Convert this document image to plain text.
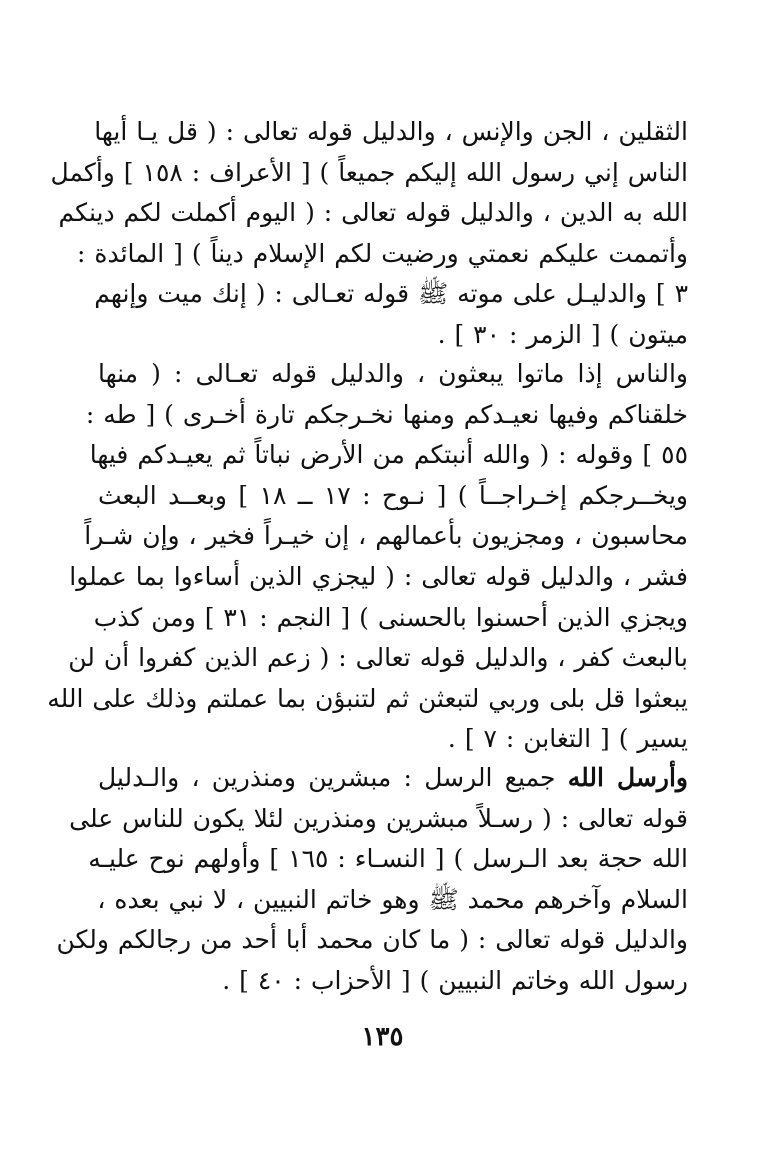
الثقلين ، الجن والإنس ، والدليل قوله تعالى : ( قل يـا أيها
الناس إني رسول الله إليكم جميعاً ) [ الأعراف : ١٥٨ ] وأكمل
الله به الدين ، والدليل قوله تعالى : ( اليوم أكملت لكم دينكم
وأتممت عليكم نعمتي ورضيت لكم الإسلام ديناً ) [ المائدة :
٣ ] والدليـل على موته ﷺ قوله تعـالى : ( إنك ميت وإنهم
ميتون ) [ الزمر : ٣٠ ] .
والناس إذا ماتوا يبعثون ، والدليل قوله تعـالى : ( منها
خلقناكم وفيها نعيـدكم ومنها نخـرجكم تارة أخـرى ) [ طه :
٥٥ ] وقوله : ( والله أنبتكم من الأرض نباتاً ثم يعيـدكم فيها
ويخــرجكم إخـراجــاً ) [ نـوح : ١٧ ــ ١٨ ] وبعــد البعث
محاسبون ، ومجزيون بأعمالهم ، إن خيـراً فخير ، وإن شـراً
فشر ، والدليل قوله تعالى : ( ليجزي الذين أساءوا بما عملوا
ويجزي الذين أحسنوا بالحسنى ) [ النجم : ٣١ ] ومن كذب
بالبعث كفر ، والدليل قوله تعالى : ( زعم الذين كفروا أن لن
يبعثوا قل بلى وربي لتبعثن ثم لتنبؤن بما عملتم وذلك على الله
يسير ) [ التغابن : ٧ ] .
وأرسل الله جميع الرسل : مبشرين ومنذرين ، والـدليل
قوله تعالى : ( رسـلاً مبشرين ومنذرين لئلا يكون للناس على
الله حجة بعد الـرسل ) [ النسـاء : ١٦٥ ] وأولهم نوح عليـه
السلام وآخرهم محمد ﷺ وهو خاتم النبيين ، لا نبي بعده ،
والدليل قوله تعالى : ( ما كان محمد أبا أحد من رجالكم ولكن
رسول الله وخاتم النبيين ) [ الأحزاب : ٤٠ ] .
١٣٥
